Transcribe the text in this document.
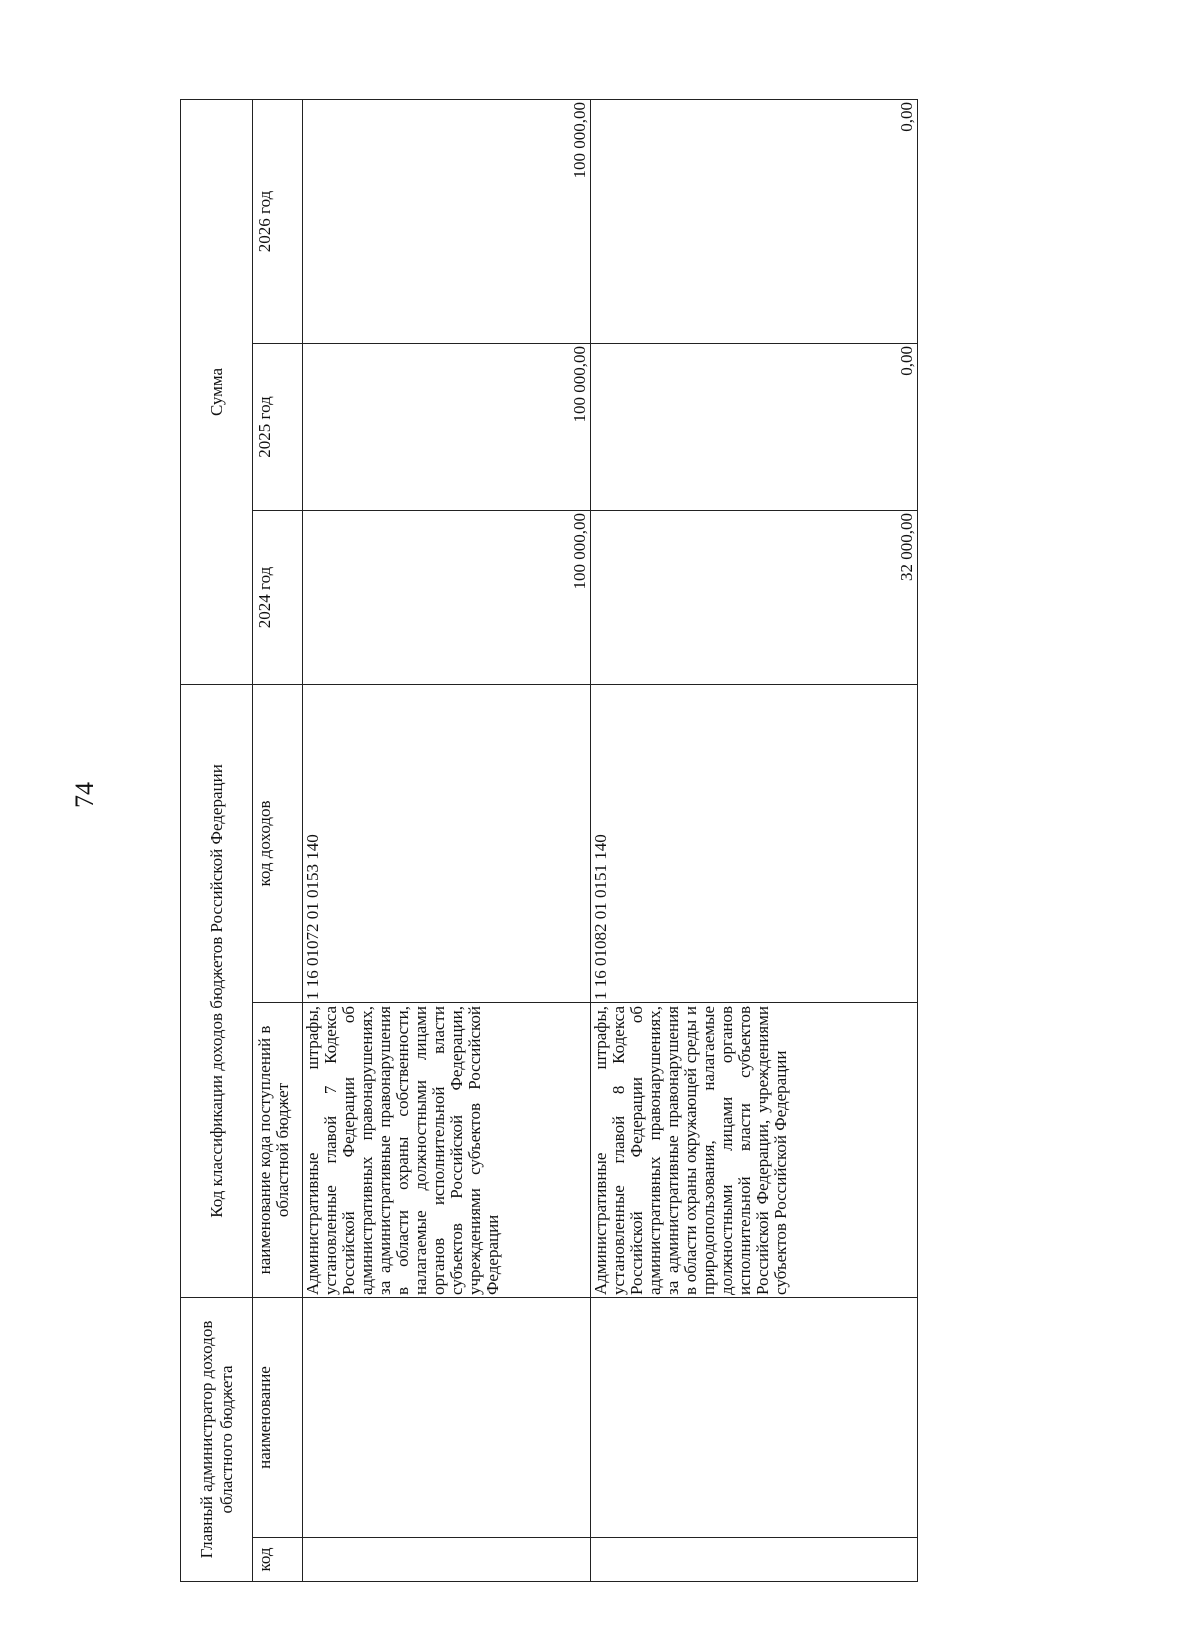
74
Главный администратор доходов областного бюджета		Код классификации доходов бюджетов Российской Федерации		Сумма		
код	наименование	наименование кода поступлений в областной бюджет	код доходов	2024 год	2025 год	2026 год
		Административные штрафы, установленные главой 7 Кодекса Российской Федерации об административных правонарушениях, за административные правонарушения в области охраны собственности, налагаемые должностными лицами органов исполнительной власти субъектов Российской Федерации, учреждениями субъектов Российской Федерации	1 16 01072 01 0153 140	100 000,00	100 000,00	100 000,00
		Административные штрафы, установленные главой 8 Кодекса Российской Федерации об административных правонарушениях, за административные правонарушения в области охраны окружающей среды и природопользования, налагаемые должностными лицами органов исполнительной власти субъектов Российской Федерации, учреждениями субъектов Российской Федерации	1 16 01082 01 0151 140	32 000,00	0,00	0,00
